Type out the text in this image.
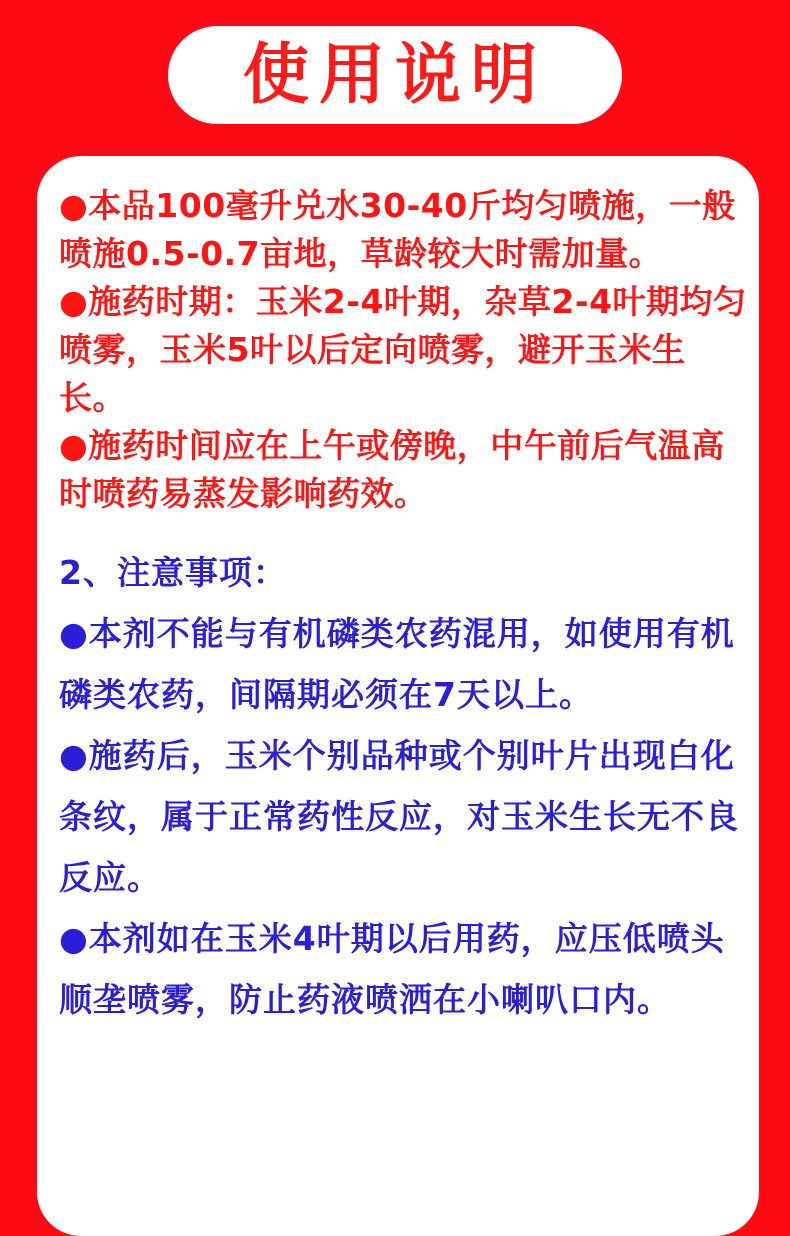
使用说明

●本品100毫升兑水30-40斤均匀喷施，一般喷施0.5-0.7亩地，草龄较大时需加量。

●施药时期：玉米2-4叶期，杂草2-4叶期均匀喷雾，玉米5叶以后定向喷雾，避开玉米生长。

●施药时间应在上午或傍晚，中午前后气温高时喷药易蒸发影响药效。

2、注意事项：

●本剂不能与有机磷类农药混用，如使用有机磷类农药，间隔期必须在7天以上。

●施药后，玉米个别品种或个别叶片出现白化条纹，属于正常药性反应，对玉米生长无不良反应。

●本剂如在玉米4叶期以后用药，应压低喷头顺垄喷雾，防止药液喷洒在小喇叭口内。
